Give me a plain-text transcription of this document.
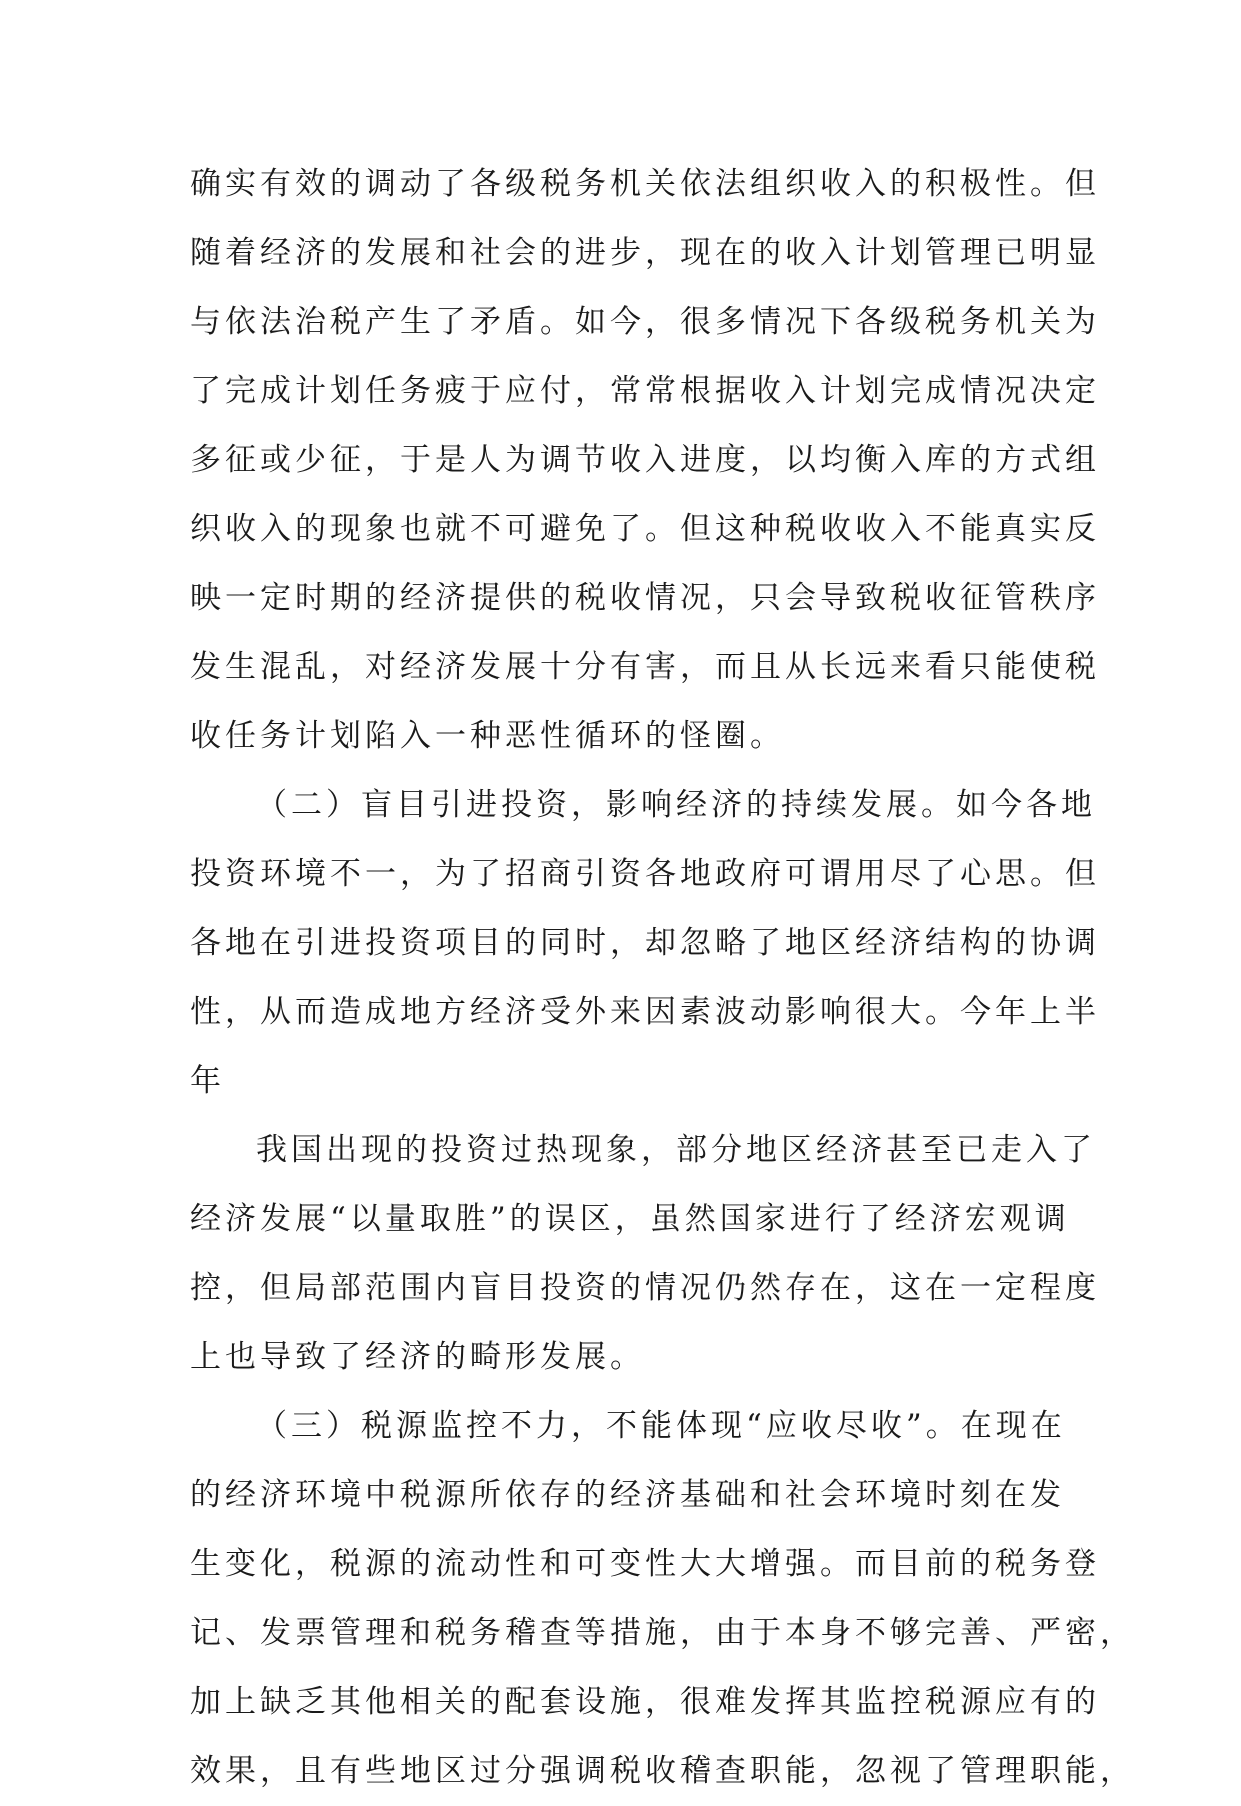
确实有效的调动了各级税务机关依法组织收入的积极性。但
随着经济的发展和社会的进步，现在的收入计划管理已明显
与依法治税产生了矛盾。如今，很多情况下各级税务机关为
了完成计划任务疲于应付，常常根据收入计划完成情况决定
多征或少征，于是人为调节收入进度，以均衡入库的方式组
织收入的现象也就不可避免了。但这种税收收入不能真实反
映一定时期的经济提供的税收情况，只会导致税收征管秩序
发生混乱，对经济发展十分有害，而且从长远来看只能使税
收任务计划陷入一种恶性循环的怪圈。
（二）盲目引进投资，影响经济的持续发展。如今各地
投资环境不一，为了招商引资各地政府可谓用尽了心思。但
各地在引进投资项目的同时，却忽略了地区经济结构的协调
性，从而造成地方经济受外来因素波动影响很大。今年上半
年
我国出现的投资过热现象，部分地区经济甚至已走入了
经济发展“以量取胜”的误区，虽然国家进行了经济宏观调
控，但局部范围内盲目投资的情况仍然存在，这在一定程度
上也导致了经济的畸形发展。
（三）税源监控不力，不能体现“应收尽收”。在现在
的经济环境中税源所依存的经济基础和社会环境时刻在发
生变化，税源的流动性和可变性大大增强。而目前的税务登
记、发票管理和税务稽查等措施，由于本身不够完善、严密，
加上缺乏其他相关的配套设施，很难发挥其监控税源应有的
效果，且有些地区过分强调税收稽查职能，忽视了管理职能，
